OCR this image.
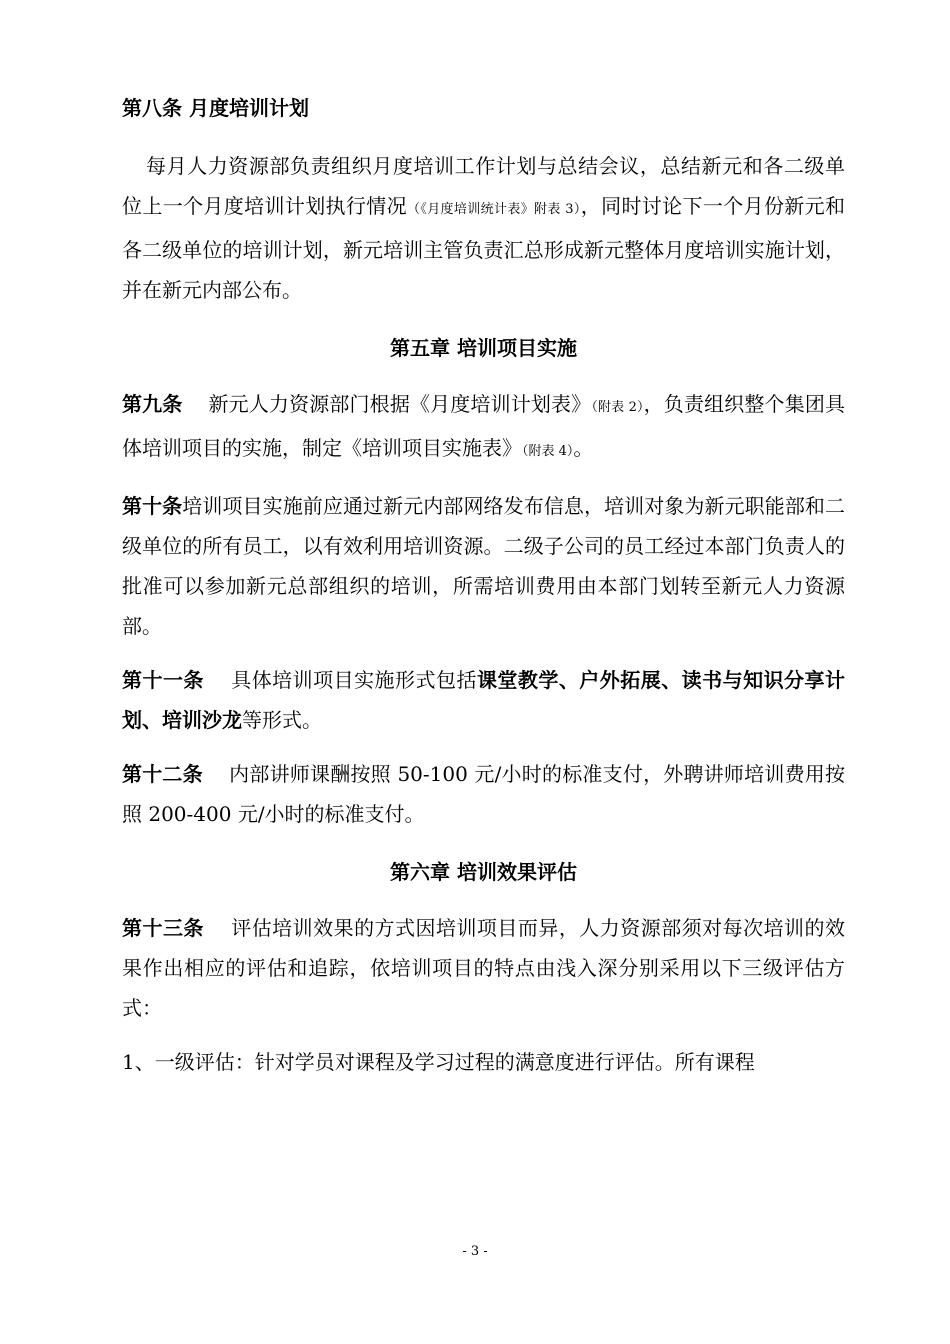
第八条 月度培训计划

每月人力资源部负责组织月度培训工作计划与总结会议，总结新元和各二级单位上一个月度培训计划执行情况（《月度培训统计表》附表 3），同时讨论下一个月份新元和各二级单位的培训计划，新元培训主管负责汇总形成新元整体月度培训实施计划，并在新元内部公布。

第五章 培训项目实施

第九条    新元人力资源部门根据《月度培训计划表》（附表 2），负责组织整个集团具体培训项目的实施，制定《培训项目实施表》（附表 4）。

第十条培训项目实施前应通过新元内部网络发布信息，培训对象为新元职能部和二级单位的所有员工，以有效利用培训资源。二级子公司的员工经过本部门负责人的批准可以参加新元总部组织的培训，所需培训费用由本部门划转至新元人力资源部。

第十一条    具体培训项目实施形式包括课堂教学、户外拓展、读书与知识分享计划、培训沙龙等形式。

第十二条    内部讲师课酬按照 50-100 元/小时的标准支付，外聘讲师培训费用按照 200-400 元/小时的标准支付。

第六章 培训效果评估

第十三条    评估培训效果的方式因培训项目而异，人力资源部须对每次培训的效果作出相应的评估和追踪，依培训项目的特点由浅入深分别采用以下三级评估方式：

1、一级评估：针对学员对课程及学习过程的满意度进行评估。所有课程

- 3 -
